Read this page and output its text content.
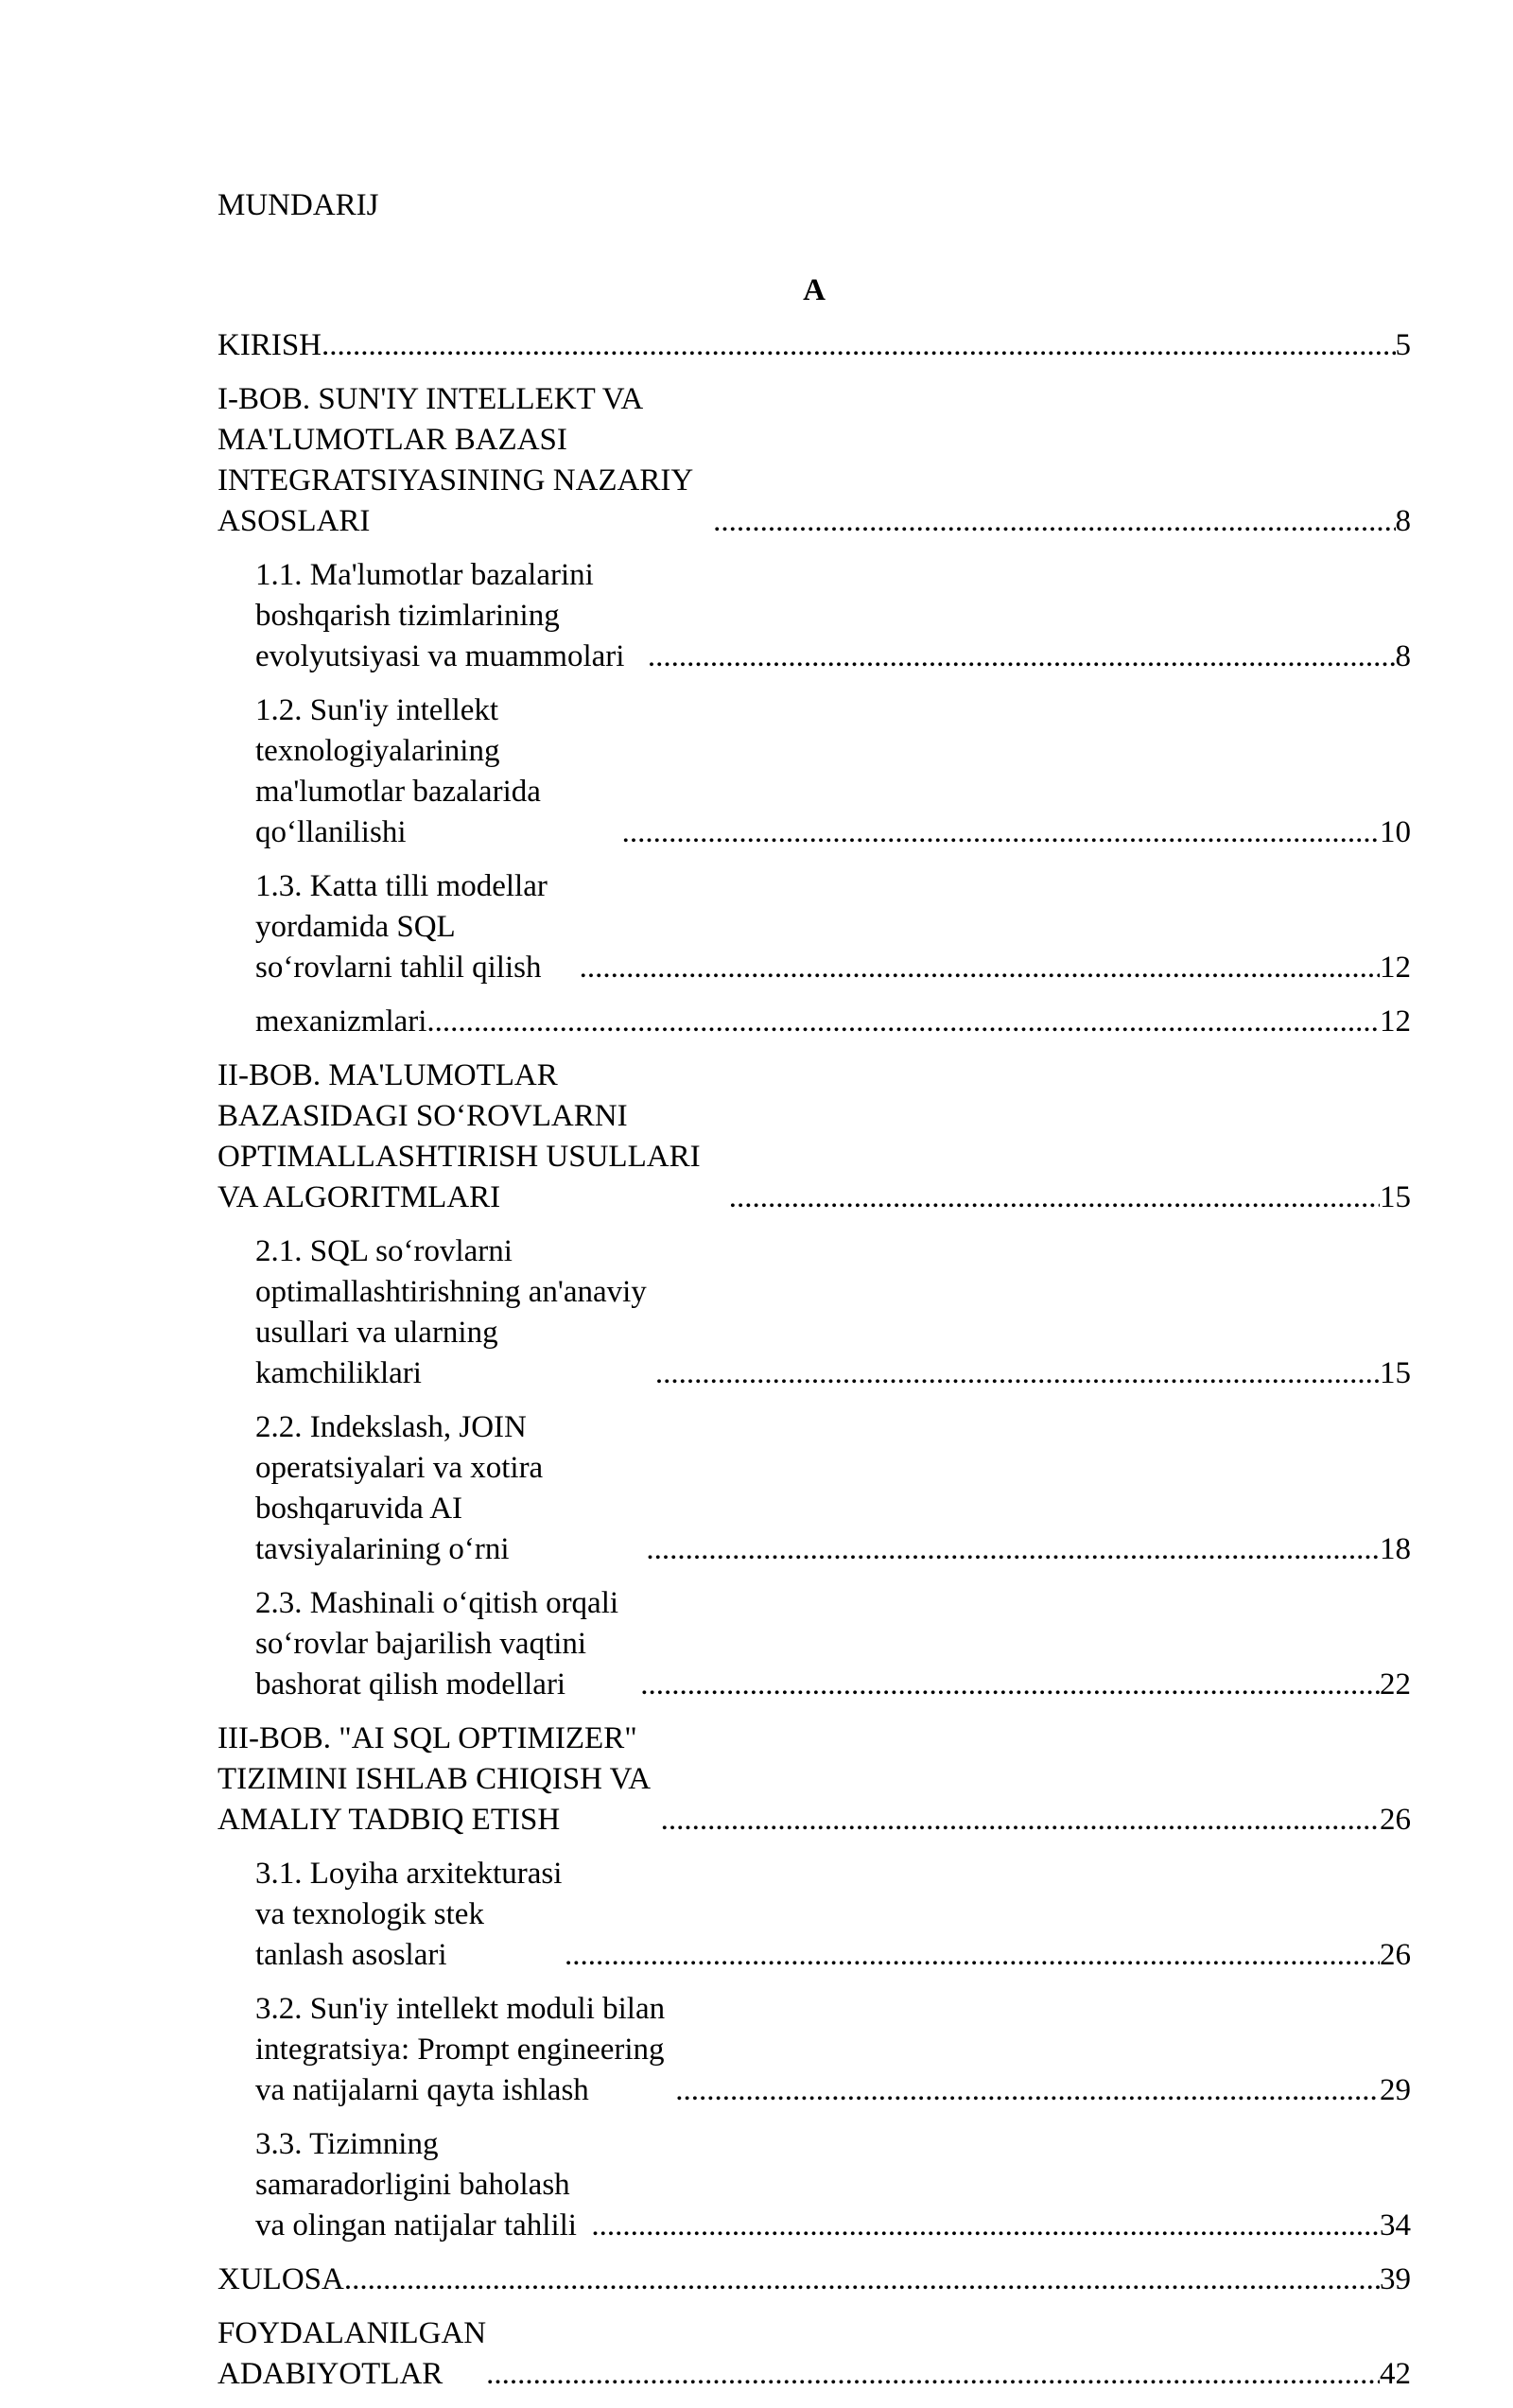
MUNDARIJ
A
KIRISH .....	5
I-BOB. SUN'IY INTELLEKT VA MA'LUMOTLAR BAZASI INTEGRATSIYASINING NAZARIY ASOSLARI .....	8
1.1. Ma'lumotlar bazalarini boshqarish tizimlarining evolyutsiyasi va muammolari .....	8
1.2. Sun'iy intellekt texnologiyalarining ma'lumotlar bazalarida qo‘llanilishi .....	10
1.3. Katta tilli modellar yordamida SQL so‘rovlarni tahlil qilish .....	12
mexanizmlari .....	12
II-BOB. MA'LUMOTLAR BAZASIDAGI SO‘ROVLARNI OPTIMALLASHTIRISH USULLARI VA ALGORITMLARI .....	15
2.1. SQL so‘rovlarni optimallashtirishning an'anaviy usullari va ularning kamchiliklari .....	15
2.2. Indekslash, JOIN operatsiyalari va xotira boshqaruvida AI tavsiyalarining o‘rni .....	18
2.3. Mashinali o‘qitish orqali so‘rovlar bajarilish vaqtini bashorat qilish modellari .....	22
III-BOB. "AI SQL OPTIMIZER" TIZIMINI ISHLAB CHIQISH VA AMALIY TADBIQ ETISH .....	26
3.1. Loyiha arxitekturasi va texnologik stek tanlash asoslari .....	26
3.2. Sun'iy intellekt moduli bilan integratsiya: Prompt engineering va natijalarni qayta ishlash .....	29
3.3. Tizimning samaradorligini baholash va olingan natijalar tahlili .....	34
XULOSA .....	39
FOYDALANILGAN ADABIYOTLAR .....	42
